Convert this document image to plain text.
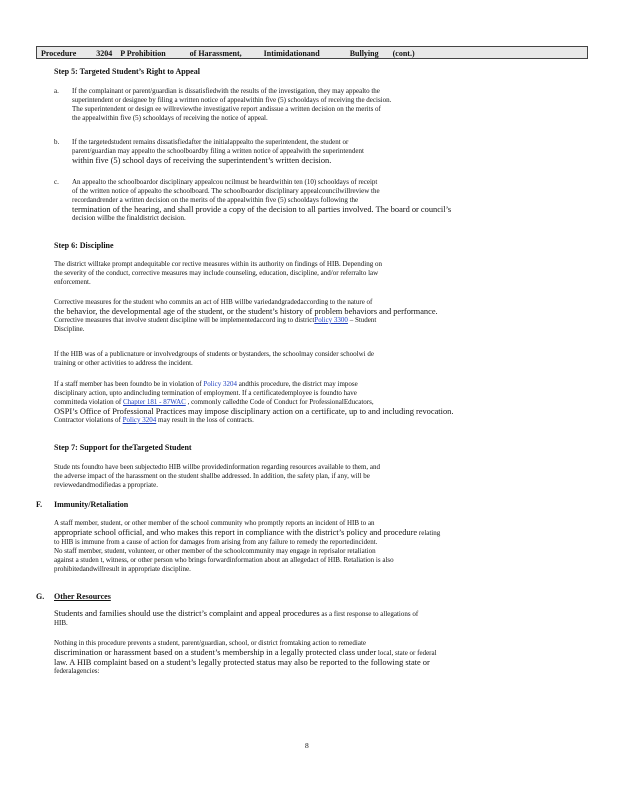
Procedure	3204 P Prohibition	of Harassment,	Intimidationand	Bullying (cont.)
Step 5: Targeted Student’s Right to Appeal
a. If the complainant or parent/guardian is dissatisfiedwith the results of the investigation, they may appealto the
superintendent or designee by filing a written notice of appealwithin five (5) schooldays of receiving the decision.
The superintendent or design ee willreviewthe investigative report andissue a written decision on the merits of
the appealwithin five (5) schooldays of receiving the notice of appeal.
b. If the targetedstudent remains dissatisfiedafter the initialappealto the superintendent, the student or
parent/guardian may appealto the schoolboardby filing a written notice of appealwith the superintendent
within five (5) school days of receiving the superintendent’s written decision.
c. An appealto the schoolboardor disciplinary appealcou ncilmust be heardwithin ten (10) schooldays of receipt
of the written notice of appealto the schoolboard. The schoolboardor disciplinary appealcouncilwillreview the
recordandrender a written decision on the merits of the appealwithin five (5) schooldays following the
termination of the hearing, and shall provide a copy of the decision to all parties involved. The board or council’s
decision willbe the finaldistrict decision.
Step 6: Discipline
The district willtake prompt andequitable cor rective measures within its authority on findings of HIB. Depending on
the severity of the conduct, corrective measures may include counseling, education, discipline, and/or referralto law
enforcement.
Corrective measures for the student who commits an act of HIB willbe variedandgradedaccording to the nature of
the behavior, the developmental age of the student, or the student’s history of problem behaviors and performance.
Corrective measures that involve student discipline will be implementedaccord ing to districtPolicy 3300 – Student
Discipline.
If the HIB was of a publicnature or involvedgroups of students or bystanders, the schoolmay consider schoolwi de
training or other activities to address the incident.
If a staff member has been foundto be in violation of Policy 3204 andthis procedure, the district may impose
disciplinary action, upto andincluding termination of employment. If a certificatedemployee is foundto have
committeda violation of Chapter 181 - 87WAC , commonly calledthe Code of Conduct for ProfessionalEducators,
OSPI’s Office of Professional Practices may impose disciplinary action on a certificate, up to and including revocation.
Contractor violations of Policy 3204 may result in the loss of contracts.
Step 7: Support for theTargeted Student
Stude nts foundto have been subjectedto HIB willbe providedinformation regarding resources available to them, and
the adverse impact of the harassment on the student shallbe addressed. In addition, the safety plan, if any, will be
reviewedandmodifiedas a ppropriate.
F. Immunity/Retaliation
A staff member, student, or other member of the school community who promptly reports an incident of HIB to an
appropriate school official, and who makes this report in compliance with the district’s policy and procedure relating
to HIB is immune from a cause of action for damages from arising from any failure to remedy the reportedincident.
No staff member, student, volunteer, or other member of the schoolcommunity may engage in reprisalor retaliation
against a studen t, witness, or other person who brings forwardinformation about an allegedact of HIB. Retaliation is also
prohibitedandwillresult in appropriate discipline.
G. Other Resources
Students and families should use the district’s complaint and appeal procedures as a first response to allegations of
HIB.
Nothing in this procedure prevents a student, parent/guardian, school, or district fromtaking action to remediate
discrimination or harassment based on a student’s membership in a legally protected class under local, state or federal
law. A HIB complaint based on a student’s legally protected status may also be reported to the following state or
federalagencies:
8
